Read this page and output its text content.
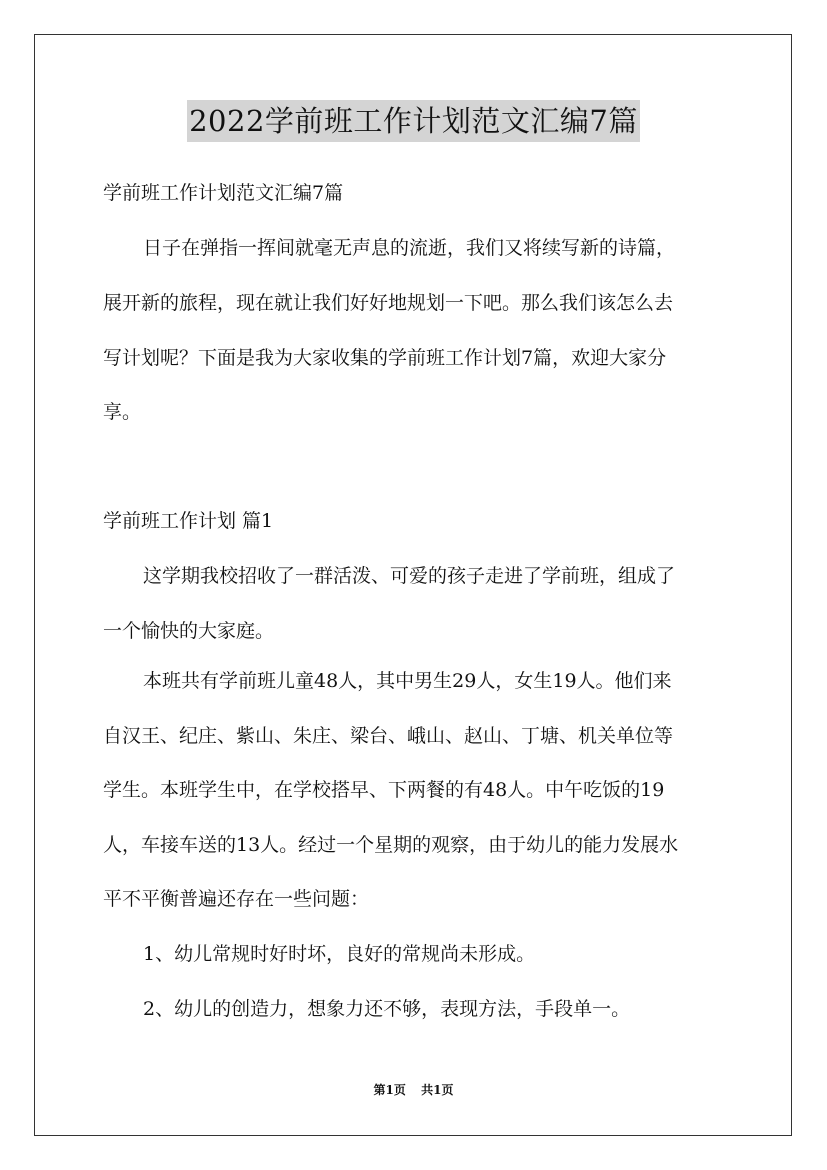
2022学前班工作计划范文汇编7篇
学前班工作计划范文汇编7篇
日子在弹指一挥间就毫无声息的流逝，我们又将续写新的诗篇，
展开新的旅程，现在就让我们好好地规划一下吧。那么我们该怎么去
写计划呢？下面是我为大家收集的学前班工作计划7篇，欢迎大家分
享。
学前班工作计划 篇1
这学期我校招收了一群活泼、可爱的孩子走进了学前班，组成了
一个愉快的大家庭。
本班共有学前班儿童48人，其中男生29人，女生19人。他们来
自汉王、纪庄、紫山、朱庄、梁台、峨山、赵山、丁塘、机关单位等
学生。本班学生中，在学校搭早、下两餐的有48人。中午吃饭的19
人，车接车送的13人。经过一个星期的观察，由于幼儿的能力发展水
平不平衡普遍还存在一些问题：
1、幼儿常规时好时坏，良好的常规尚未形成。
2、幼儿的创造力，想象力还不够，表现方法，手段单一。
第1页 共1页
